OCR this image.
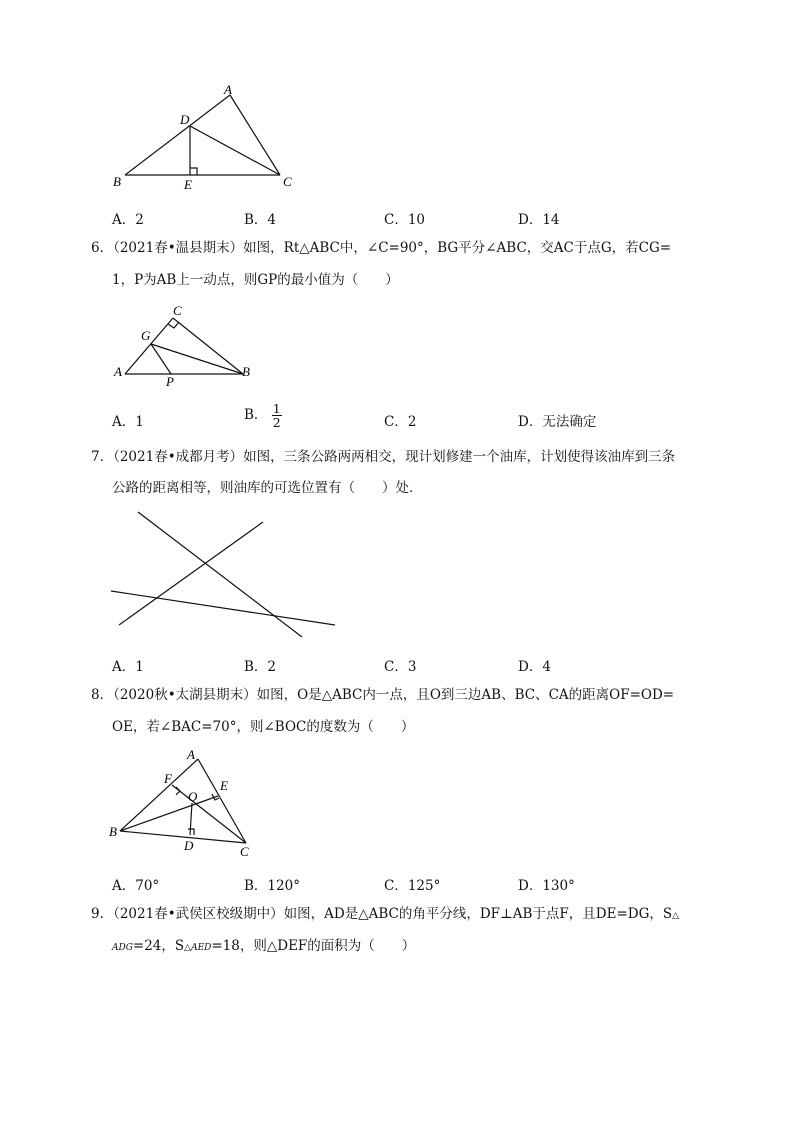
A
D
B	E	C
A．2	B．4	C．10	D．14
6．（2021春•温县期末）如图，Rt△ABC中，∠C=90°，BG平分∠ABC，交AC于点G，若CG=
1，P为AB上一动点，则GP的最小值为（　　）
C
G
A
P
B
A．1	B． $\frac{1}{2}$	C．2	D．无法确定
7．（2021春•成都月考）如图，三条公路两两相交，现计划修建一个油库，计划使得该油库到三条
公路的距离相等，则油库的可选位置有（　　）处．
A．1	B．2	C．3	D．4
8．（2020秋•太湖县期末）如图，O是△ABC内一点，且O到三边AB、BC、CA的距离OF=OD=
OE，若∠BAC=70°，则∠BOC的度数为（　　）
A
F	E
O
B
D	C
A．70°	B．120°	C．125°	D．130°
9．（2021春•武侯区校级期中）如图，AD是△ABC的角平分线，DF⊥AB于点F，且DE=DG，S△
ADG=24，S△AED=18，则△DEF的面积为（　　）
